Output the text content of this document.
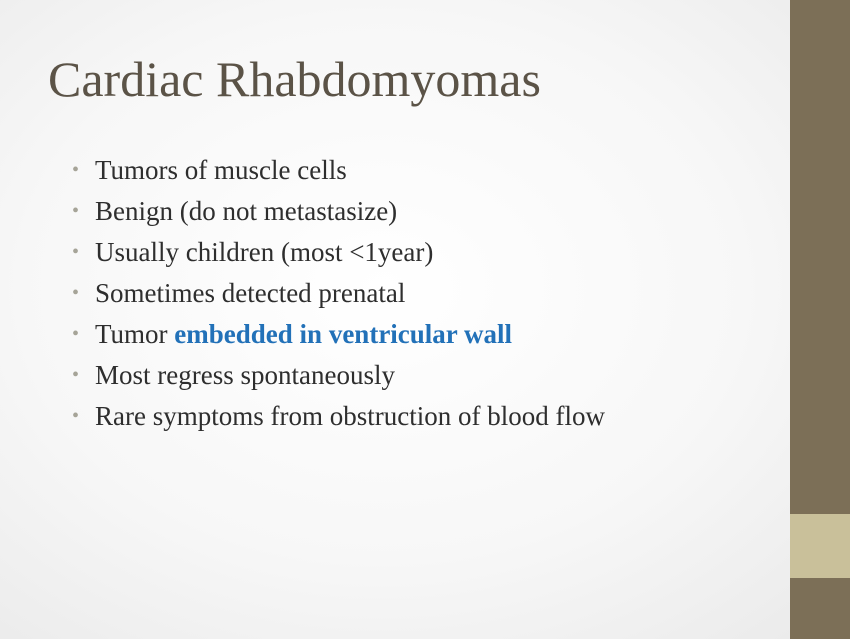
Cardiac Rhabdomyomas
• Tumors of muscle cells
• Benign (do not metastasize)
• Usually children (most <1year)
• Sometimes detected prenatal
• Tumor embedded in ventricular wall
• Most regress spontaneously
• Rare symptoms from obstruction of blood flow
